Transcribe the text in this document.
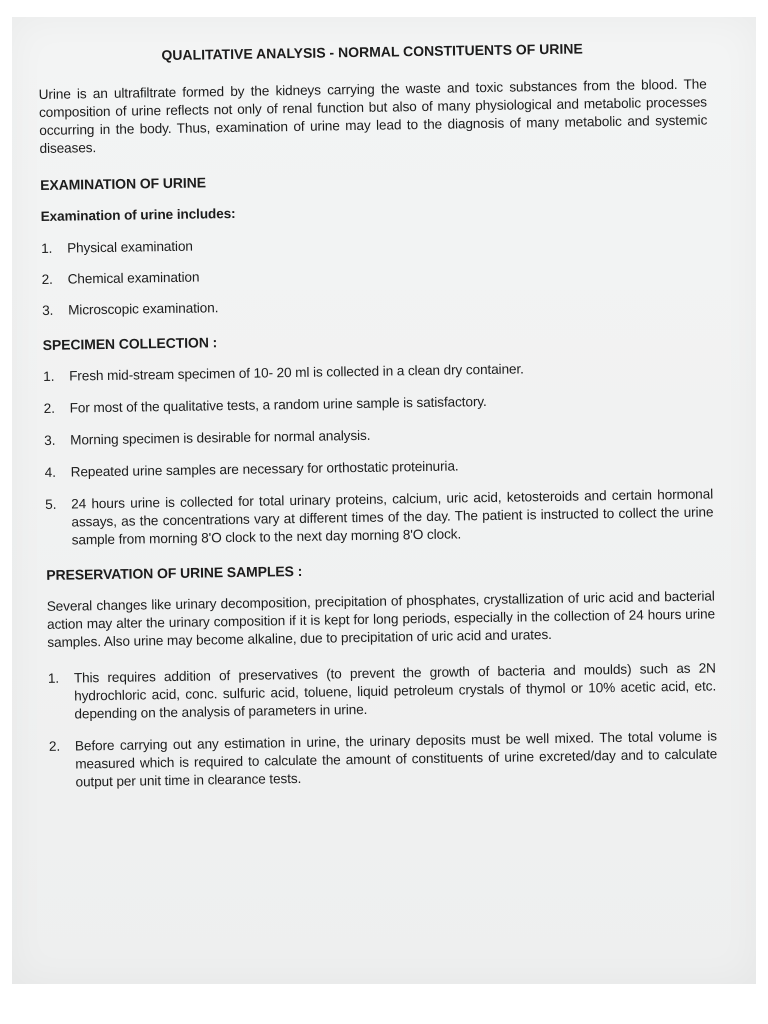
QUALITATIVE ANALYSIS - NORMAL CONSTITUENTS OF URINE

Urine is an ultrafiltrate formed by the kidneys carrying the waste and toxic substances from the blood. The composition of urine reflects not only of renal function but also of many physiological and metabolic processes occurring in the body. Thus, examination of urine may lead to the diagnosis of many metabolic and systemic diseases.

EXAMINATION OF URINE
Examination of urine includes:
1.	Physical examination
2.	Chemical examination
3.	Microscopic examination.
SPECIMEN COLLECTION :
1.	Fresh mid-stream specimen of 10- 20 ml is collected in a clean dry container.
2.	For most of the qualitative tests, a random urine sample is satisfactory.
3.	Morning specimen is desirable for normal analysis.
4.	Repeated urine samples are necessary for orthostatic proteinuria.
5.	24 hours urine is collected for total urinary proteins, calcium, uric acid, ketosteroids and certain hormonal assays, as the concentrations vary at different times of the day. The patient is instructed to collect the urine sample from morning 8'O clock to the next day morning 8'O clock.
PRESERVATION OF URINE SAMPLES :

Several changes like urinary decomposition, precipitation of phosphates, crystallization of uric acid and bacterial action may alter the urinary composition if it is kept for long periods, especially in the collection of 24 hours urine samples. Also urine may become alkaline, due to precipitation of uric acid and urates.

1.	This requires addition of preservatives (to prevent the growth of bacteria and moulds) such as 2N hydrochloric acid, conc. sulfuric acid, toluene, liquid petroleum crystals of thymol or 10% acetic acid, etc. depending on the analysis of parameters in urine.
2.	Before carrying out any estimation in urine, the urinary deposits must be well mixed. The total volume is measured which is required to calculate the amount of constituents of urine excreted/day and to calculate output per unit time in clearance tests.
